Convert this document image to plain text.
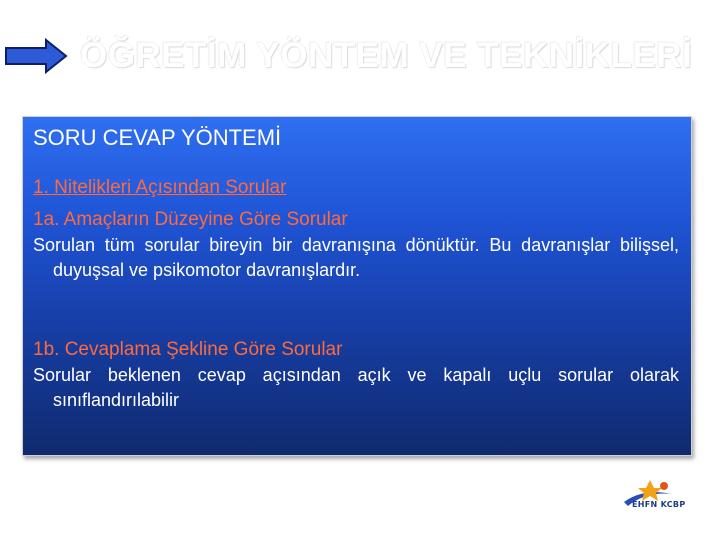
ÖĞRETİM YÖNTEM VE TEKNİKLERİ
SORU CEVAP YÖNTEMİ
1. Nitelikleri Açısından Sorular
1a. Amaçların Düzeyine Göre Sorular

Sorulan tüm sorular bireyin bir davranışına dönüktür. Bu davranışlar bilişsel, duyuşsal ve psikomotor davranışlardır.

1b. Cevaplama Şekline Göre Sorular

Sorular beklenen cevap açısından açık ve kapalı uçlu sorular olarak sınıflandırılabilir

EHFN KCBP
